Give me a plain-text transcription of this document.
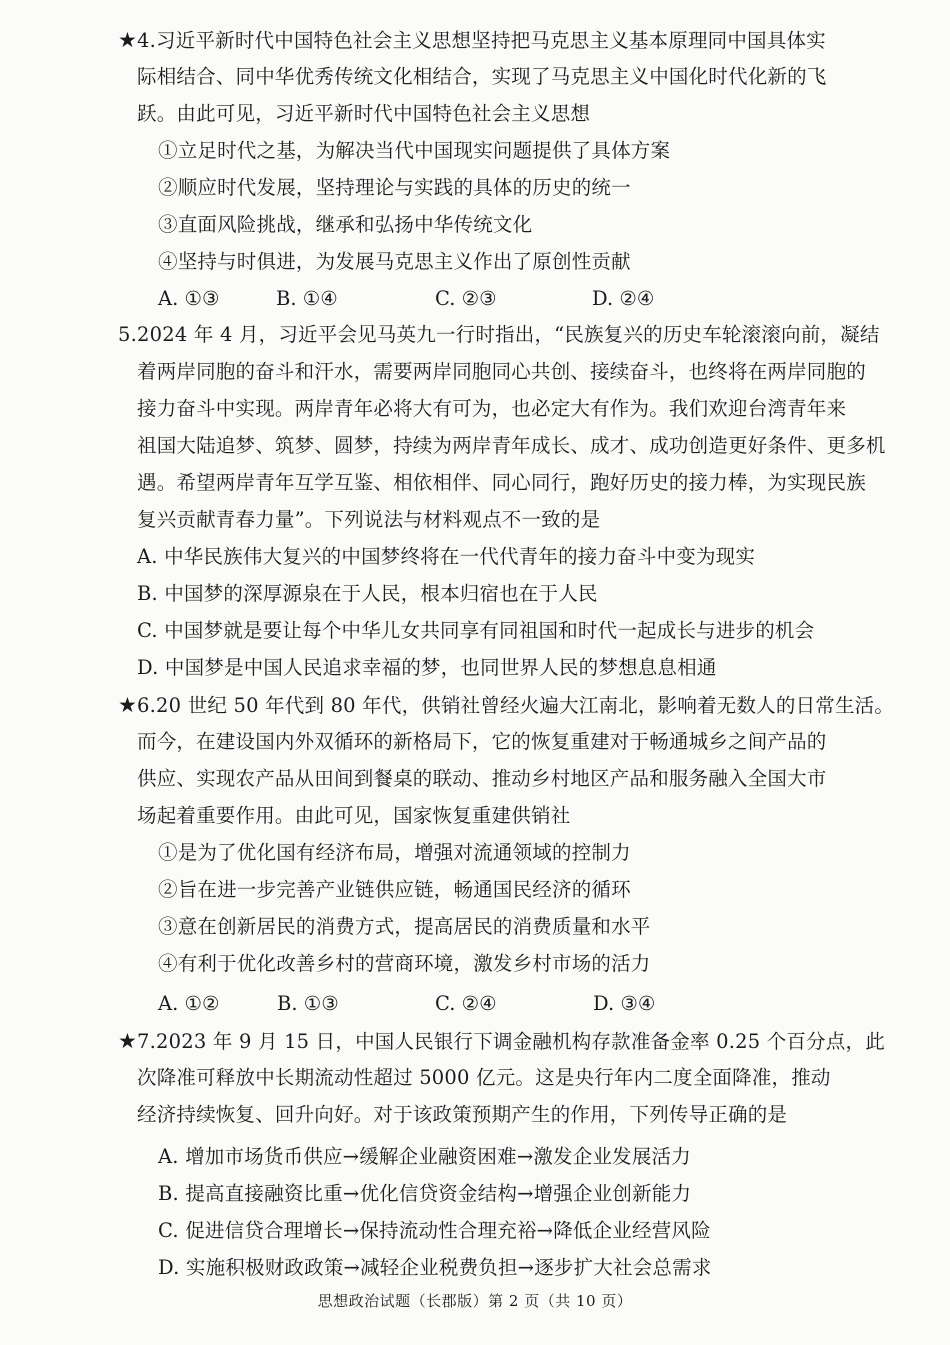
★4.习近平新时代中国特色社会主义思想坚持把马克思主义基本原理同中国具体实
际相结合、同中华优秀传统文化相结合，实现了马克思主义中国化时代化新的飞
跃。由此可见，习近平新时代中国特色社会主义思想
①立足时代之基，为解决当代中国现实问题提供了具体方案
②顺应时代发展，坚持理论与实践的具体的历史的统一
③直面风险挑战，继承和弘扬中华传统文化
④坚持与时俱进，为发展马克思主义作出了原创性贡献
A. ①③	B. ①④	C. ②③	D. ②④
5.2024 年 4 月，习近平会见马英九一行时指出，“民族复兴的历史车轮滚滚向前，凝结
着两岸同胞的奋斗和汗水，需要两岸同胞同心共创、接续奋斗，也终将在两岸同胞的
接力奋斗中实现。两岸青年必将大有可为，也必定大有作为。我们欢迎台湾青年来
祖国大陆追梦、筑梦、圆梦，持续为两岸青年成长、成才、成功创造更好条件、更多机
遇。希望两岸青年互学互鉴、相依相伴、同心同行，跑好历史的接力棒，为实现民族
复兴贡献青春力量”。下列说法与材料观点不一致的是
A. 中华民族伟大复兴的中国梦终将在一代代青年的接力奋斗中变为现实
B. 中国梦的深厚源泉在于人民，根本归宿也在于人民
C. 中国梦就是要让每个中华儿女共同享有同祖国和时代一起成长与进步的机会
D. 中国梦是中国人民追求幸福的梦，也同世界人民的梦想息息相通
★6.20 世纪 50 年代到 80 年代，供销社曾经火遍大江南北，影响着无数人的日常生活。
而今，在建设国内外双循环的新格局下，它的恢复重建对于畅通城乡之间产品的
供应、实现农产品从田间到餐桌的联动、推动乡村地区产品和服务融入全国大市
场起着重要作用。由此可见，国家恢复重建供销社
①是为了优化国有经济布局，增强对流通领域的控制力
②旨在进一步完善产业链供应链，畅通国民经济的循环
③意在创新居民的消费方式，提高居民的消费质量和水平
④有利于优化改善乡村的营商环境，激发乡村市场的活力
A. ①②	B. ①③	C. ②④	D. ③④
★7.2023 年 9 月 15 日，中国人民银行下调金融机构存款准备金率 0.25 个百分点，此
次降准可释放中长期流动性超过 5000 亿元。这是央行年内二度全面降准，推动
经济持续恢复、回升向好。对于该政策预期产生的作用，下列传导正确的是
A. 增加市场货币供应→缓解企业融资困难→激发企业发展活力
B. 提高直接融资比重→优化信贷资金结构→增强企业创新能力
C. 促进信贷合理增长→保持流动性合理充裕→降低企业经营风险
D. 实施积极财政政策→减轻企业税费负担→逐步扩大社会总需求
思想政治试题（长郡版）第 2 页（共 10 页）
